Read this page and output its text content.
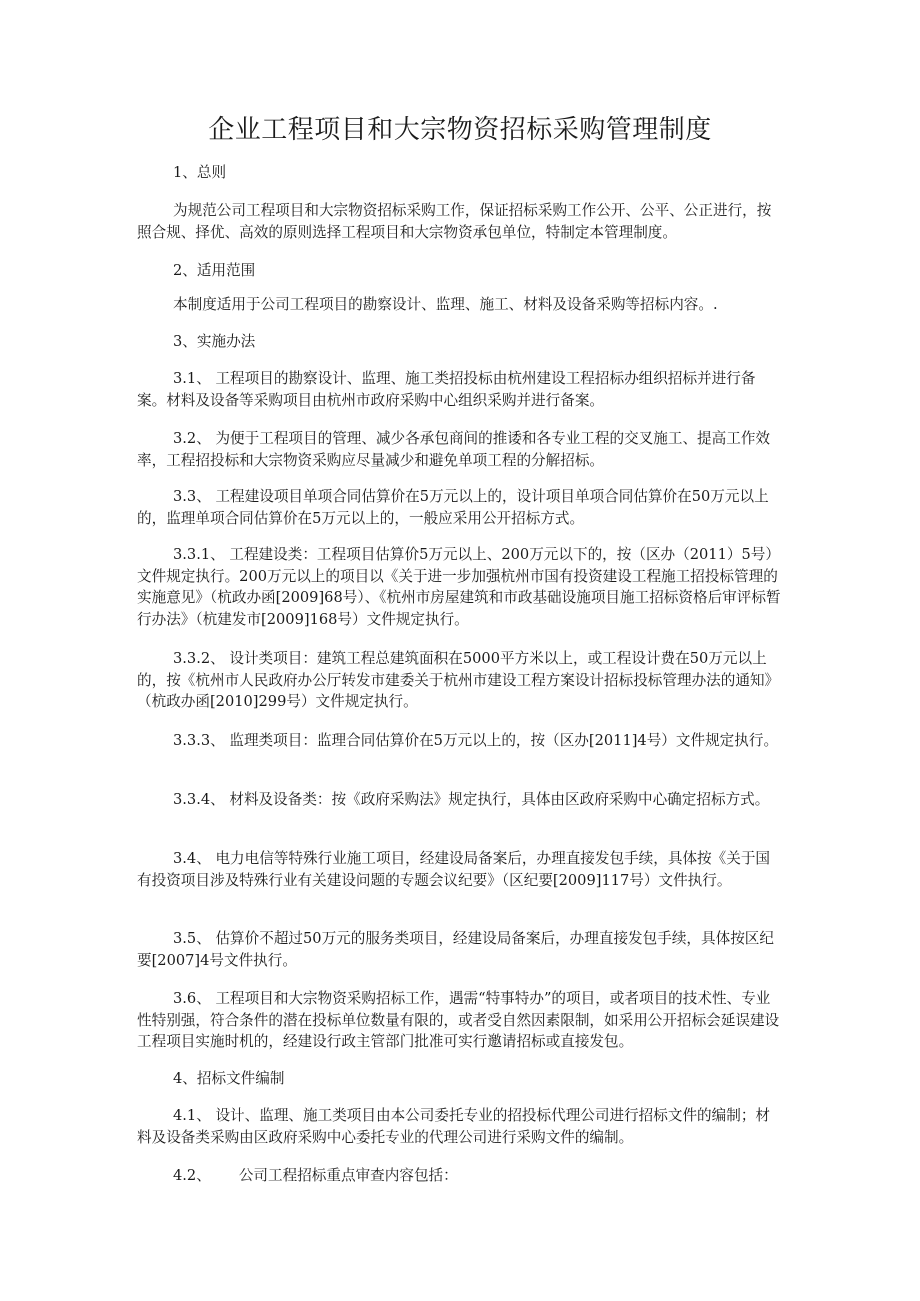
企业工程项目和大宗物资招标采购管理制度

1、总则

为规范公司工程项目和大宗物资招标采购工作，保证招标采购工作公开、公平、公正进行，按照合规、择优、高效的原则选择工程项目和大宗物资承包单位，特制定本管理制度。

2、适用范围

本制度适用于公司工程项目的勘察设计、监理、施工、材料及设备采购等招标内容。.

3、实施办法

3.1、 工程项目的勘察设计、监理、施工类招投标由杭州建设工程招标办组织招标并进行备案。材料及设备等采购项目由杭州市政府采购中心组织采购并进行备案。

3.2、 为便于工程项目的管理、减少各承包商间的推诿和各专业工程的交叉施工、提高工作效率，工程招投标和大宗物资采购应尽量减少和避免单项工程的分解招标。

3.3、 工程建设项目单项合同估算价在5万元以上的，设计项目单项合同估算价在50万元以上的，监理单项合同估算价在5万元以上的，一般应采用公开招标方式。

3.3.1、 工程建设类：工程项目估算价5万元以上、200万元以下的，按（区办（2011）5号）文件规定执行。200万元以上的项目以《关于进一步加强杭州市国有投资建设工程施工招投标管理的实施意见》（杭政办函[2009]68号）、《杭州市房屋建筑和市政基础设施项目施工招标资格后审评标暂行办法》（杭建发市[2009]168号）文件规定执行。

3.3.2、 设计类项目：建筑工程总建筑面积在5000平方米以上，或工程设计费在50万元以上的，按《杭州市人民政府办公厅转发市建委关于杭州市建设工程方案设计招标投标管理办法的通知》（杭政办函[2010]299号）文件规定执行。

3.3.3、 监理类项目：监理合同估算价在5万元以上的，按（区办[2011]4号）文件规定执行。

3.3.4、 材料及设备类：按《政府采购法》规定执行，具体由区政府采购中心确定招标方式。

3.4、 电力电信等特殊行业施工项目，经建设局备案后，办理直接发包手续，具体按《关于国有投资项目涉及特殊行业有关建设问题的专题会议纪要》（区纪要[2009]117号）文件执行。

3.5、 估算价不超过50万元的服务类项目，经建设局备案后，办理直接发包手续，具体按区纪要[2007]4号文件执行。

3.6、 工程项目和大宗物资采购招标工作，遇需“特事特办”的项目，或者项目的技术性、专业性特别强，符合条件的潜在投标单位数量有限的，或者受自然因素限制，如采用公开招标会延误建设工程项目实施时机的，经建设行政主管部门批准可实行邀请招标或直接发包。

4、招标文件编制

4.1、 设计、监理、施工类项目由本公司委托专业的招投标代理公司进行招标文件的编制；材料及设备类采购由区政府采购中心委托专业的代理公司进行采购文件的编制。

4.2、 公司工程招标重点审查内容包括：
